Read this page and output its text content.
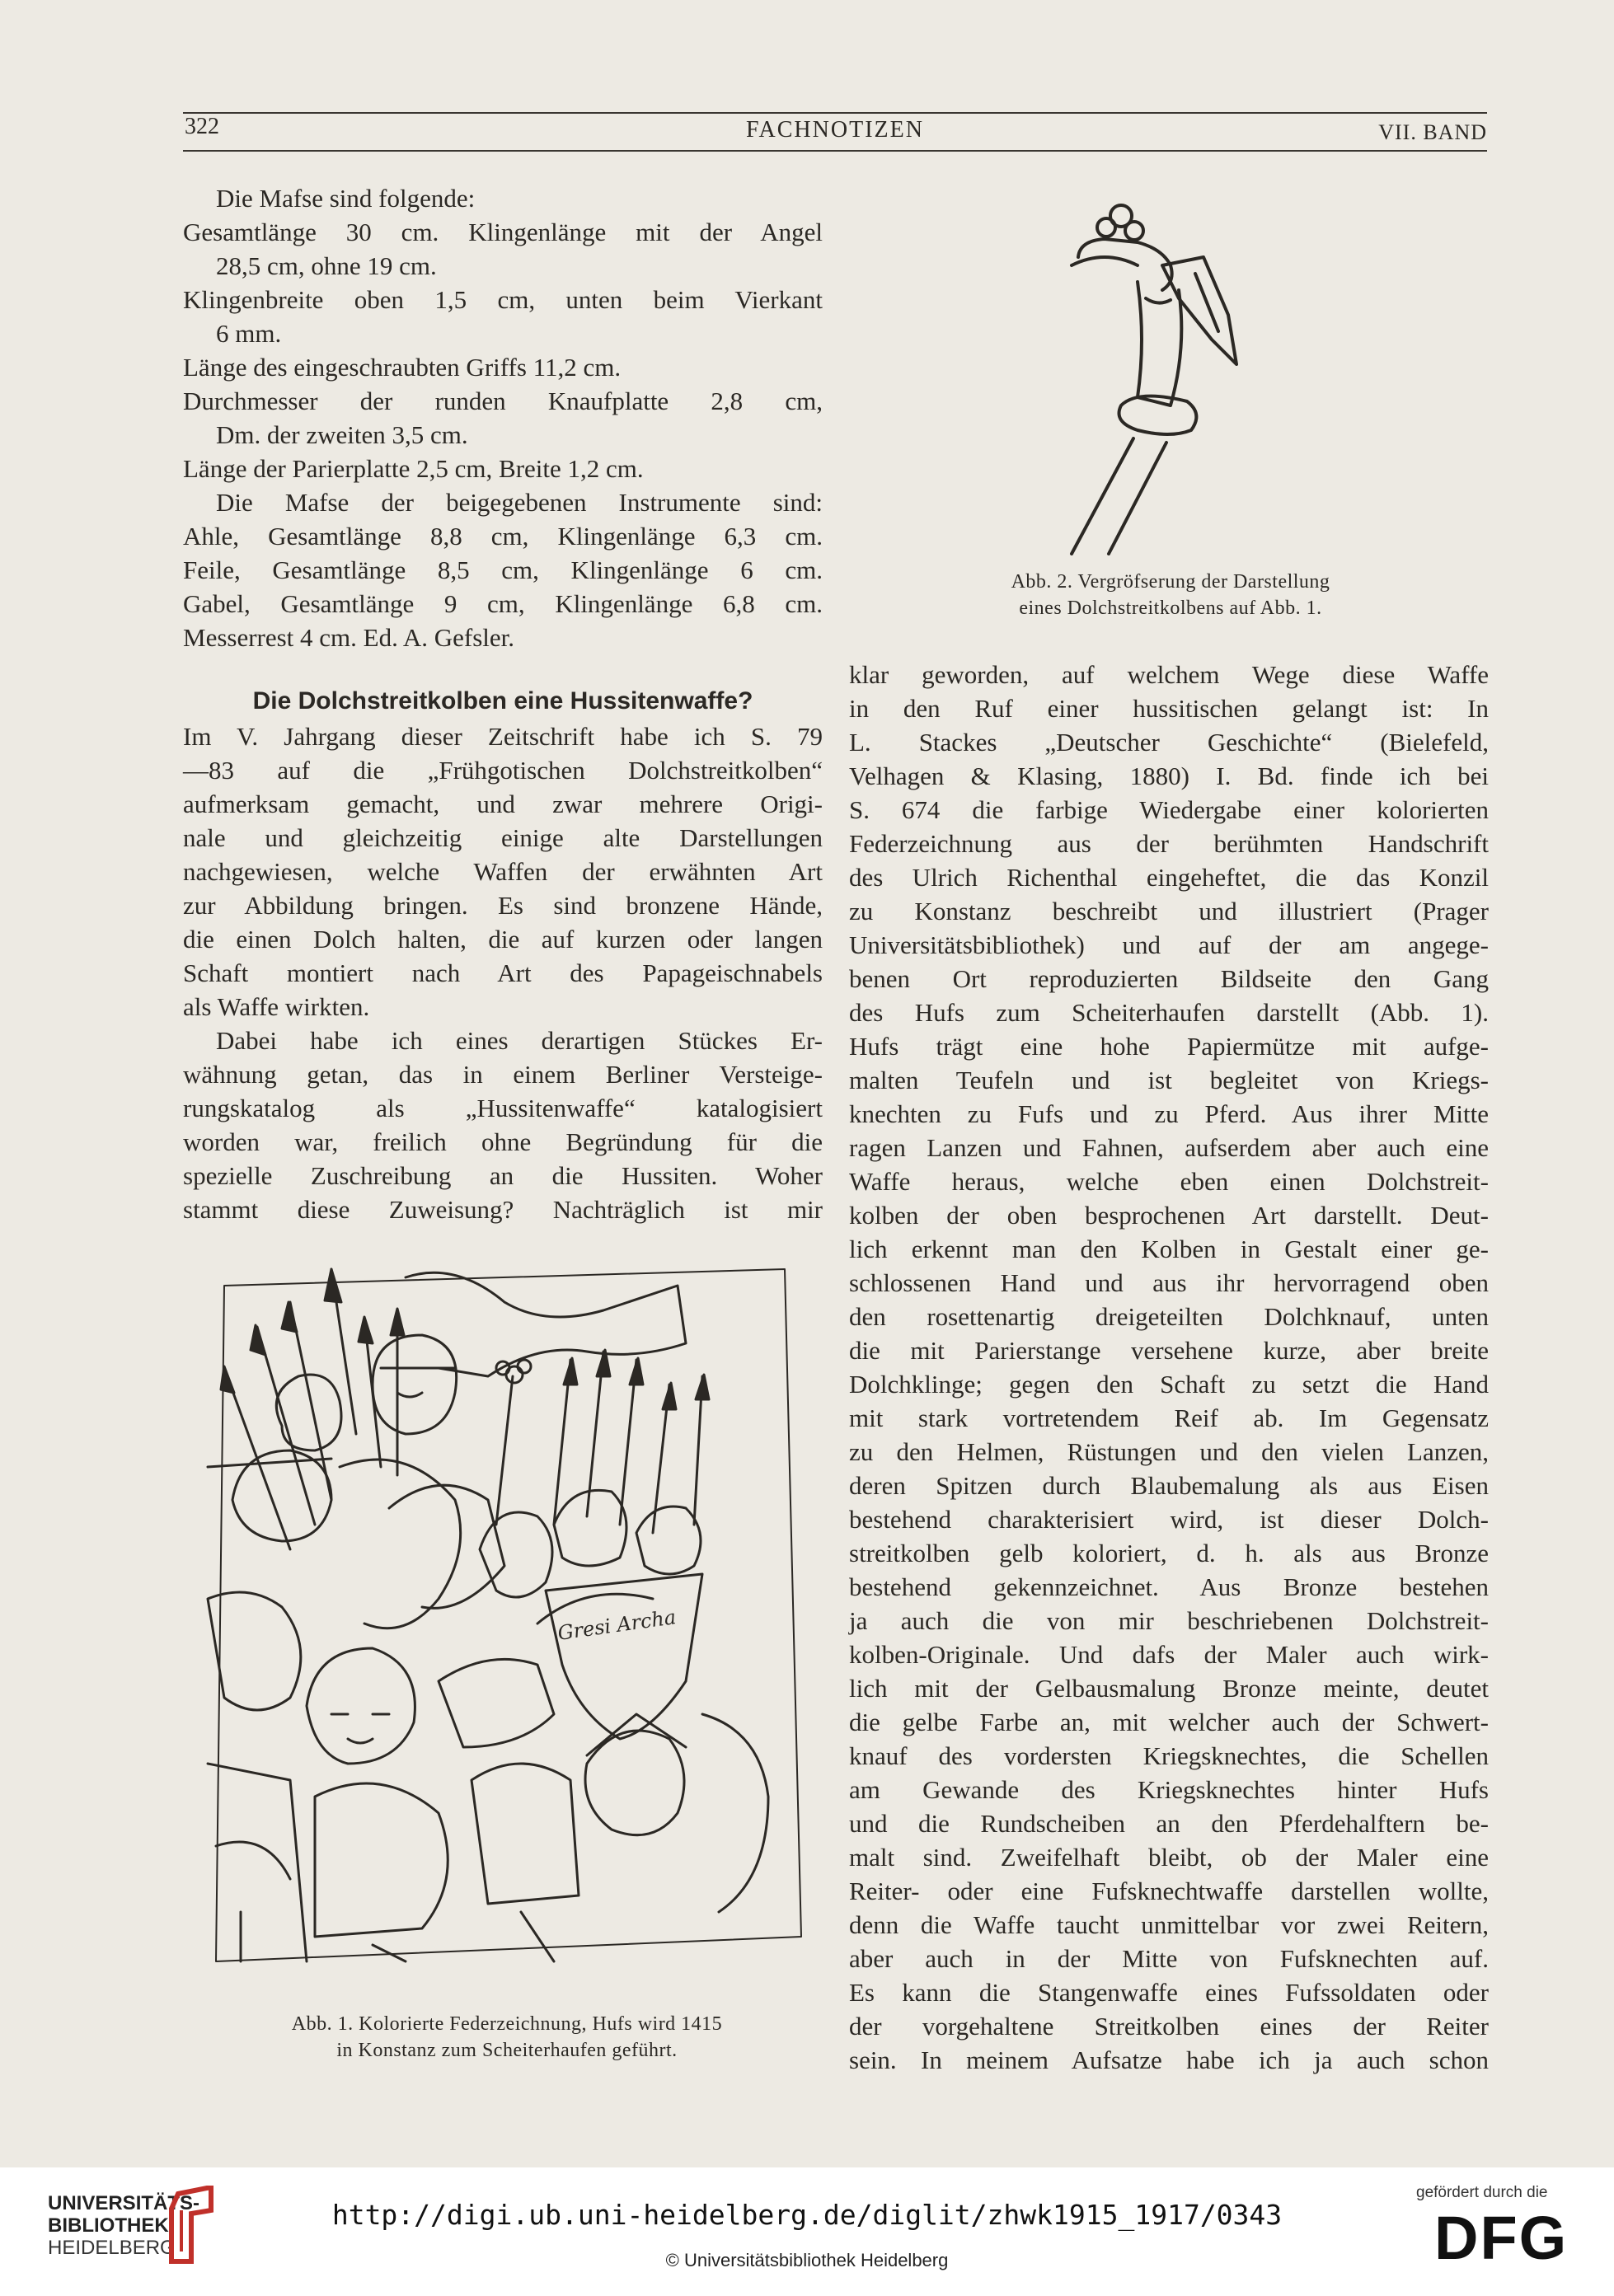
322	FACHNOTIZEN	VII. BAND
Die Mafse sind folgende:
Gesamtlänge 30 cm. Klingenlänge mit der Angel
28,5 cm, ohne 19 cm.
Klingenbreite oben 1,5 cm, unten beim Vierkant
6 mm.
Länge des eingeschraubten Griffs 11,2 cm.
Durchmesser der runden Knaufplatte 2,8 cm,
Dm. der zweiten 3,5 cm.
Länge der Parierplatte 2,5 cm, Breite 1,2 cm.
Die Mafse der beigegebenen Instrumente sind:
Ahle, Gesamtlänge 8,8 cm, Klingenlänge 6,3 cm.
Feile, Gesamtlänge 8,5 cm, Klingenlänge 6 cm.
Gabel, Gesamtlänge 9 cm, Klingenlänge 6,8 cm.
Messerrest 4 cm. Ed. A. Gefsler.
Die Dolchstreitkolben eine Hussitenwaffe?
Im V. Jahrgang dieser Zeitschrift habe ich S. 79
—83 auf die „Frühgotischen Dolchstreitkolben“
aufmerksam gemacht, und zwar mehrere Origi-
nale und gleichzeitig einige alte Darstellungen
nachgewiesen, welche Waffen der erwähnten Art
zur Abbildung bringen. Es sind bronzene Hände,
die einen Dolch halten, die auf kurzen oder langen
Schaft montiert nach Art des Papageischnabels
als Waffe wirkten.
Dabei habe ich eines derartigen Stückes Er-
wähnung getan, das in einem Berliner Versteige-
rungskatalog als „Hussitenwaffe“ katalogisiert
worden war, freilich ohne Begründung für die
spezielle Zuschreibung an die Hussiten. Woher
stammt diese Zuweisung? Nachträglich ist mir
klar geworden, auf welchem Wege diese Waffe
in den Ruf einer hussitischen gelangt ist: In
L. Stackes „Deutscher Geschichte“ (Bielefeld,
Velhagen & Klasing, 1880) I. Bd. finde ich bei
S. 674 die farbige Wiedergabe einer kolorierten
Federzeichnung aus der berühmten Handschrift
des Ulrich Richenthal eingeheftet, die das Konzil
zu Konstanz beschreibt und illustriert (Prager
Universitätsbibliothek) und auf der am angege-
benen Ort reproduzierten Bildseite den Gang
des Hufs zum Scheiterhaufen darstellt (Abb. 1).
Hufs trägt eine hohe Papiermütze mit aufge-
malten Teufeln und ist begleitet von Kriegs-
knechten zu Fufs und zu Pferd. Aus ihrer Mitte
ragen Lanzen und Fahnen, aufserdem aber auch eine
Waffe heraus, welche eben einen Dolchstreit-
kolben der oben besprochenen Art darstellt. Deut-
lich erkennt man den Kolben in Gestalt einer ge-
schlossenen Hand und aus ihr hervorragend oben
den rosettenartig dreigeteilten Dolchknauf, unten
die mit Parierstange versehene kurze, aber breite
Dolchklinge; gegen den Schaft zu setzt die Hand
mit stark vortretendem Reif ab. Im Gegensatz
zu den Helmen, Rüstungen und den vielen Lanzen,
deren Spitzen durch Blaubemalung als aus Eisen
bestehend charakterisiert wird, ist dieser Dolch-
streitkolben gelb koloriert, d. h. als aus Bronze
bestehend gekennzeichnet. Aus Bronze bestehen
ja auch die von mir beschriebenen Dolchstreit-
kolben-Originale. Und dafs der Maler auch wirk-
lich mit der Gelbausmalung Bronze meinte, deutet
die gelbe Farbe an, mit welcher auch der Schwert-
knauf des vordersten Kriegsknechtes, die Schellen
am Gewande des Kriegsknechtes hinter Hufs
und die Rundscheiben an den Pferdehalftern be-
malt sind. Zweifelhaft bleibt, ob der Maler eine
Reiter- oder eine Fufsknechtwaffe darstellen wollte,
denn die Waffe taucht unmittelbar vor zwei Reitern,
aber auch in der Mitte von Fufsknechten auf.
Es kann die Stangenwaffe eines Fufssoldaten oder
der vorgehaltene Streitkolben eines der Reiter
sein. In meinem Aufsatze habe ich ja auch schon
Gresi Archa
Abb. 1. Kolorierte Federzeichnung, Hufs wird 1415
in Konstanz zum Scheiterhaufen geführt.
Abb. 2. Vergröfserung der Darstellung
eines Dolchstreitkolbens auf Abb. 1.
UNIVERSITÄTS-
BIBLIOTHEK
HEIDELBERG
http://digi.ub.uni-heidelberg.de/diglit/zhwk1915_1917/0343
© Universitätsbibliothek Heidelberg
gefördert durch die
DFG
